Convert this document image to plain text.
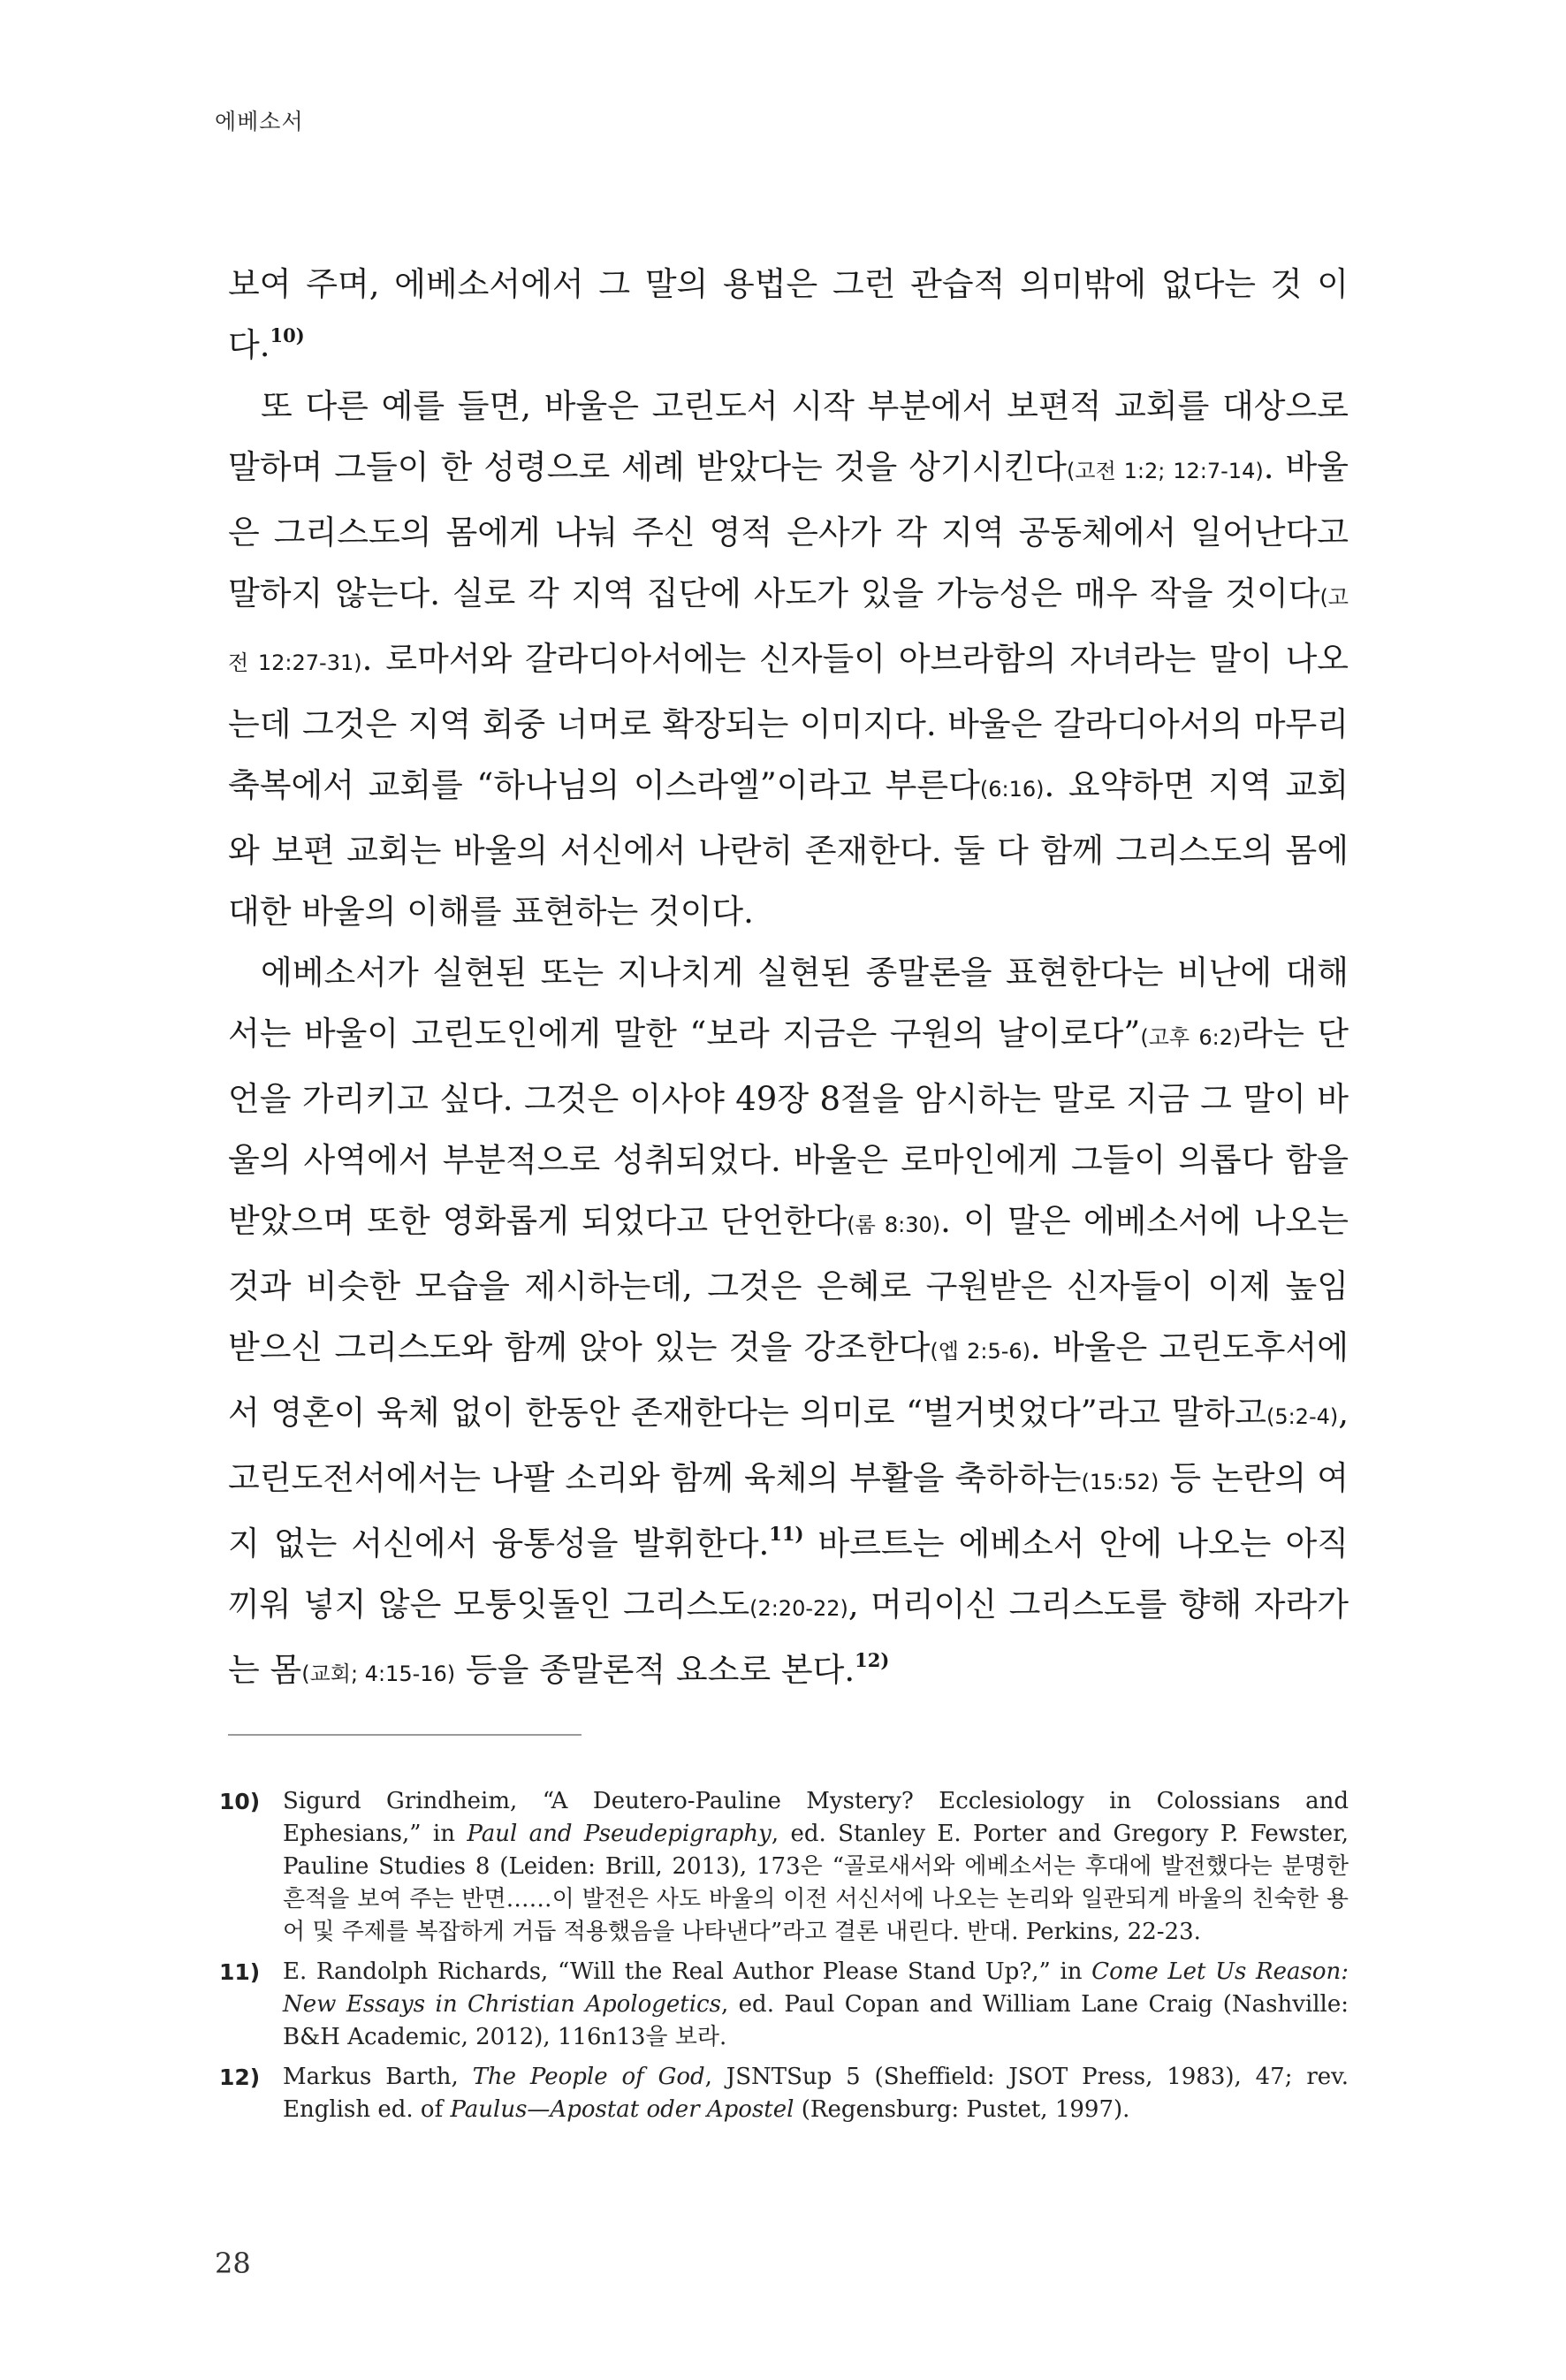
에베소서

보여 주며, 에베소서에서 그 말의 용법은 그런 관습적 의미밖에 없다는 것 이다.$^{10)}$

또 다른 예를 들면, 바울은 고린도서 시작 부분에서 보편적 교회를 대상으로 말하며 그들이 한 성령으로 세례 받았다는 것을 상기시킨다(고전 1:2; 12:7-14). 바울은 그리스도의 몸에게 나눠 주신 영적 은사가 각 지역 공동체에서 일어난다고 말하지 않는다. 실로 각 지역 집단에 사도가 있을 가능성은 매우 작을 것이다(고전 12:27-31). 로마서와 갈라디아서에는 신자들이 아브라함의 자녀라는 말이 나오는데 그것은 지역 회중 너머로 확장되는 이미지다. 바울은 갈라디아서의 마무리 축복에서 교회를 “하나님의 이스라엘”이라고 부른다(6:16). 요약하면 지역 교회와 보편 교회는 바울의 서신에서 나란히 존재한다. 둘 다 함께 그리스도의 몸에 대한 바울의 이해를 표현하는 것이다.

에베소서가 실현된 또는 지나치게 실현된 종말론을 표현한다는 비난에 대해서는 바울이 고린도인에게 말한 “보라 지금은 구원의 날이로다”(고후 6:2)라는 단언을 가리키고 싶다. 그것은 이사야 49장 8절을 암시하는 말로 지금 그 말이 바울의 사역에서 부분적으로 성취되었다. 바울은 로마인에게 그들이 의롭다 함을 받았으며 또한 영화롭게 되었다고 단언한다(롬 8:30). 이 말은 에베소서에 나오는 것과 비슷한 모습을 제시하는데, 그것은 은혜로 구원받은 신자들이 이제 높임 받으신 그리스도와 함께 앉아 있는 것을 강조한다(엡 2:5-6). 바울은 고린도후서에서 영혼이 육체 없이 한동안 존재한다는 의미로 “벌거벗었다”라고 말하고(5:2-4), 고린도전서에서는 나팔 소리와 함께 육체의 부활을 축하하는(15:52) 등 논란의 여지 없는 서신에서 융통성을 발휘한다.$^{11)}$ 바르트는 에베소서 안에 나오는 아직 끼워 넣지 않은 모퉁잇돌인 그리스도(2:20-22), 머리이신 그리스도를 향해 자라가는 몸(교회; 4:15-16) 등을 종말론적 요소로 본다.$^{12)}$

10) Sigurd Grindheim, “A Deutero-Pauline Mystery? Ecclesiology in Colossians and Ephesians,” in Paul and Pseudepigraphy, ed. Stanley E. Porter and Gregory P. Fewster, Pauline Studies 8 (Leiden: Brill, 2013), 173은 “골로새서와 에베소서는 후대에 발전했다는 분명한 흔적을 보여 주는 반면……이 발전은 사도 바울의 이전 서신서에 나오는 논리와 일관되게 바울의 친숙한 용어 및 주제를 복잡하게 거듭 적용했음을 나타낸다”라고 결론 내린다. 반대. Perkins, 22-23.
11) E. Randolph Richards, “Will the Real Author Please Stand Up?,” in Come Let Us Reason: New Essays in Christian Apologetics, ed. Paul Copan and William Lane Craig (Nashville: B&H Academic, 2012), 116n13을 보라.
12) Markus Barth, The People of God, JSNTSup 5 (Sheffield: JSOT Press, 1983), 47; rev. English ed. of Paulus—Apostat oder Apostel (Regensburg: Pustet, 1997).
28
